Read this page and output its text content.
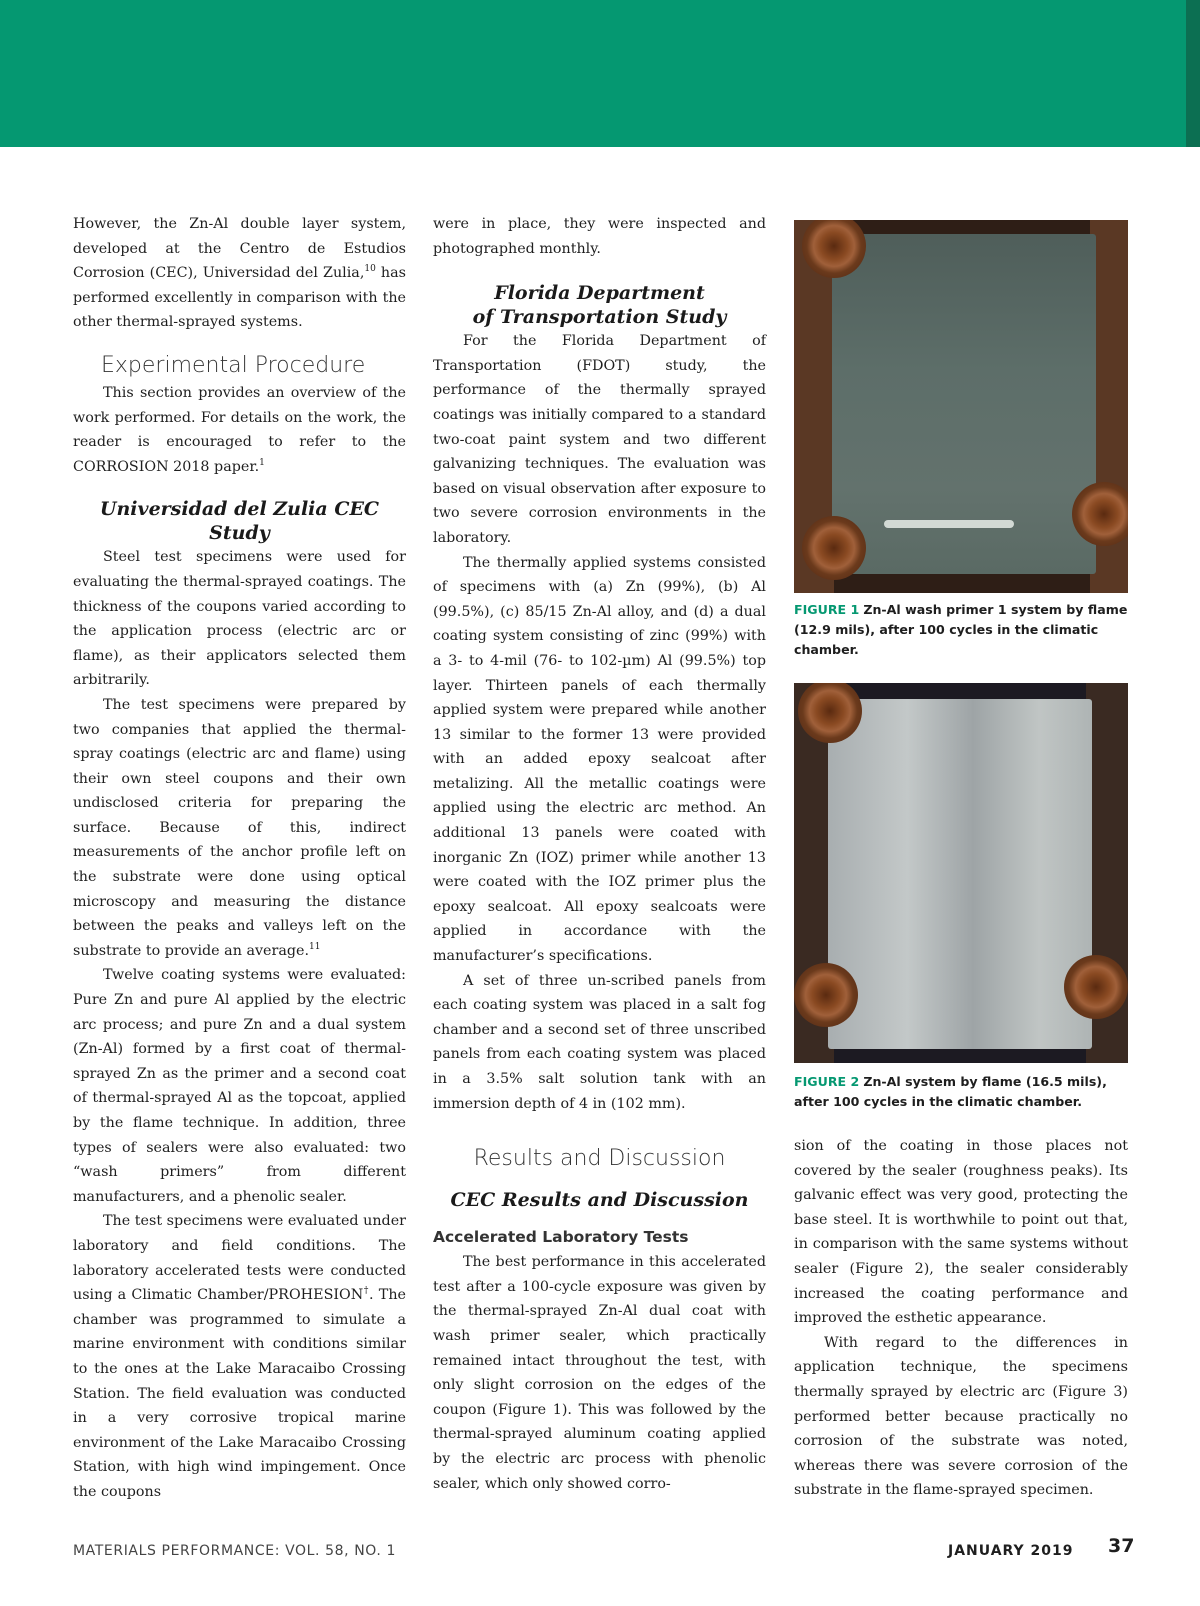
However, the Zn-Al double layer system, developed at the Centro de Estudios Corrosion (CEC), Universidad del Zulia,$^{10}$ has performed excellently in comparison with the other thermal-sprayed systems.

Experimental Procedure

This section provides an overview of the work performed. For details on the work, the reader is encouraged to refer to the CORROSION 2018 paper.$^1$

Universidad del Zulia CEC Study

Steel test specimens were used for evaluating the thermal-sprayed coatings. The thickness of the coupons varied according to the application process (electric arc or flame), as their applicators selected them arbitrarily.

The test specimens were prepared by two companies that applied the thermal-spray coatings (electric arc and flame) using their own steel coupons and their own undisclosed criteria for preparing the surface. Because of this, indirect measurements of the anchor profile left on the substrate were done using optical microscopy and measuring the distance between the peaks and valleys left on the substrate to provide an average.$^{11}$

Twelve coating systems were evaluated: Pure Zn and pure Al applied by the electric arc process; and pure Zn and a dual system (Zn-Al) formed by a first coat of thermal-sprayed Zn as the primer and a second coat of thermal-sprayed Al as the topcoat, applied by the flame technique. In addition, three types of sealers were also evaluated: two “wash primers” from different manufacturers, and a phenolic sealer.

The test specimens were evaluated under laboratory and field conditions. The laboratory accelerated tests were conducted using a Climatic Chamber/PROHESION†. The chamber was programmed to simulate a marine environment with conditions similar to the ones at the Lake Maracaibo Crossing Station. The field evaluation was conducted in a very corrosive tropical marine environment of the Lake Maracaibo Crossing Station, with high wind impingement. Once the coupons

were in place, they were inspected and photographed monthly.

Florida Department
of Transportation Study

For the Florida Department of Transportation (FDOT) study, the performance of the thermally sprayed coatings was initially compared to a standard two-coat paint system and two different galvanizing techniques. The evaluation was based on visual observation after exposure to two severe corrosion environments in the laboratory.

The thermally applied systems consisted of specimens with (a) Zn (99%), (b) Al (99.5%), (c) 85/15 Zn-Al alloy, and (d) a dual coating system consisting of zinc (99%) with a 3- to 4-mil (76- to 102-µm) Al (99.5%) top layer. Thirteen panels of each thermally applied system were prepared while another 13 similar to the former 13 were provided with an added epoxy sealcoat after metalizing. All the metallic coatings were applied using the electric arc method. An additional 13 panels were coated with inorganic Zn (IOZ) primer while another 13 were coated with the IOZ primer plus the epoxy sealcoat. All epoxy sealcoats were applied in accordance with the manufacturer’s specifications.

A set of three un-scribed panels from each coating system was placed in a salt fog chamber and a second set of three unscribed panels from each coating system was placed in a 3.5% salt solution tank with an immersion depth of 4 in (102 mm).

Results and Discussion
CEC Results and Discussion
Accelerated Laboratory Tests

The best performance in this accelerated test after a 100-cycle exposure was given by the thermal-sprayed Zn-Al dual coat with wash primer sealer, which practically remained intact throughout the test, with only slight corrosion on the edges of the coupon (Figure 1). This was followed by the thermal-sprayed aluminum coating applied by the electric arc process with phenolic sealer, which only showed corro-

FIGURE 1 Zn-Al wash primer 1 system by flame (12.9 mils), after 100 cycles in the climatic chamber.
FIGURE 2 Zn-Al system by flame (16.5 mils), after 100 cycles in the climatic chamber.

sion of the coating in those places not covered by the sealer (roughness peaks). Its galvanic effect was very good, protecting the base steel. It is worthwhile to point out that, in comparison with the same systems without sealer (Figure 2), the sealer considerably increased the coating performance and improved the esthetic appearance.

With regard to the differences in application technique, the specimens thermally sprayed by electric arc (Figure 3) performed better because practically no corrosion of the substrate was noted, whereas there was severe corrosion of the substrate in the flame-sprayed specimen.

MATERIALS PERFORMANCE: VOL. 58, NO. 1	JANUARY 2019 37
